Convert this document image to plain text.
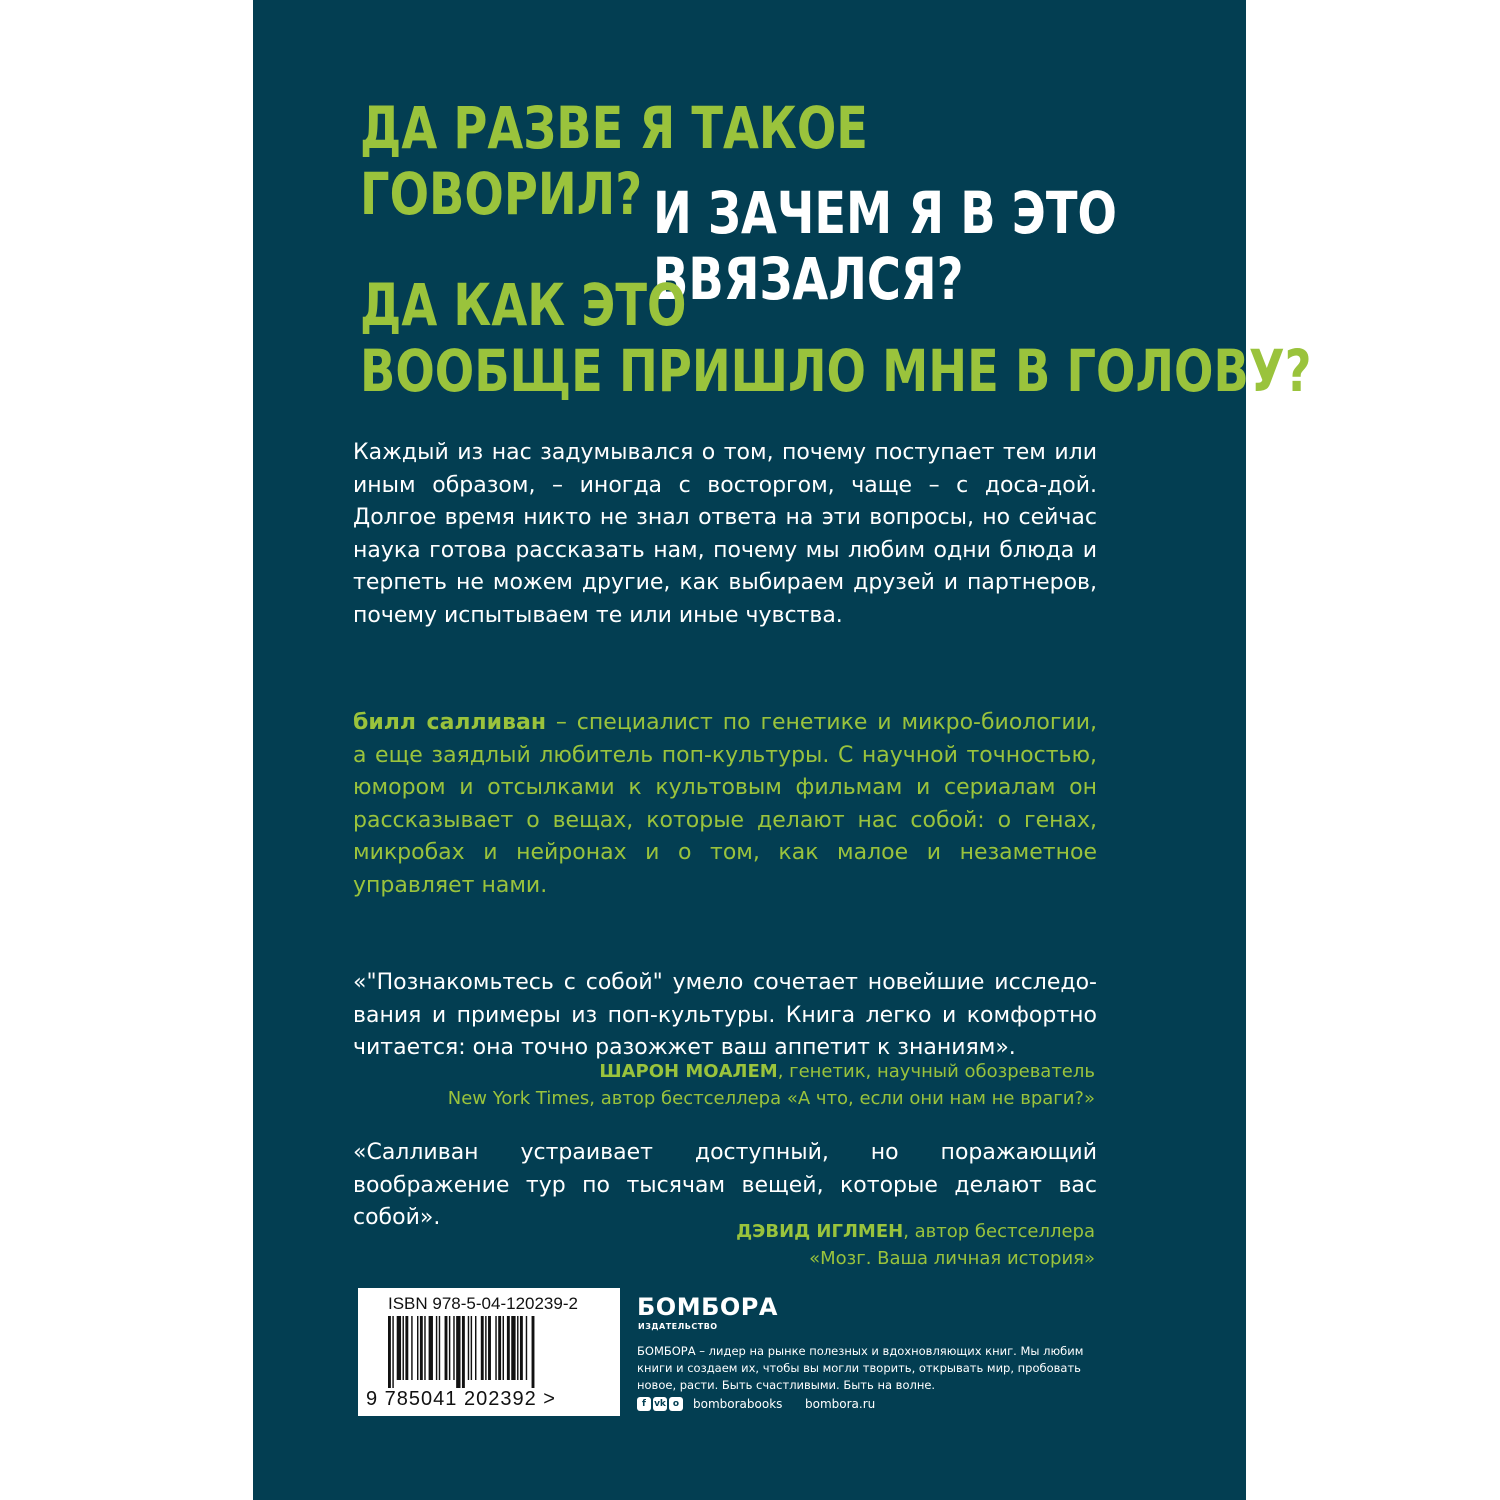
ДА РАЗВЕ Я ТАКОЕ
ГОВОРИЛ? И ЗАЧЕМ Я В ЭТО
ВВЯЗАЛСЯ?
ДА КАК ЭТО
ВООБЩЕ ПРИШЛО МНЕ В ГОЛОВУ?

Каждый из нас задумывался о том, почему поступает тем или иным образом, – иногда с восторгом, чаще – с доса-дой. Долгое время никто не знал ответа на эти вопросы, но сейчас наука готова рассказать нам, почему мы любим одни блюда и терпеть не можем другие, как выбираем друзей и партнеров, почему испытываем те или иные чувства.

билл салливан – специалист по генетике и микро-биологии, а еще заядлый любитель поп-культуры. С научной точностью, юмором и отсылками к культовым фильмам и сериалам он рассказывает о вещах, которые делают нас собой: о генах, микробах и нейронах и о том, как малое и незаметное управляет нами.

«"Познакомьтесь с собой" умело сочетает новейшие исследо-вания и примеры из поп-культуры. Книга легко и комфортно читается: она точно разожжет ваш аппетит к знаниям».

ШАРОН МОАЛЕМ, генетик, научный обозреватель
New York Times, автор бестселлера «А что, если они нам не враги?»

«Салливан устраивает доступный, но поражающий воображение тур по тысячам вещей, которые делают вас собой».

ДЭВИД ИГЛМЕН, автор бестселлера
«Мозг. Ваша личная история»

ISBN 978-5-04-120239-2

9 785041 202392 >

БОМБОРА

ИЗДАТЕЛЬСТВО

БОМБОРА – лидер на рынке полезных и вдохновляющих книг. Мы любим книги и создаем их, чтобы вы могли творить, открывать мир, пробовать новое, расти. Быть счастливыми. Быть на волне.

f vk o	bomborabooks bombora.ru
